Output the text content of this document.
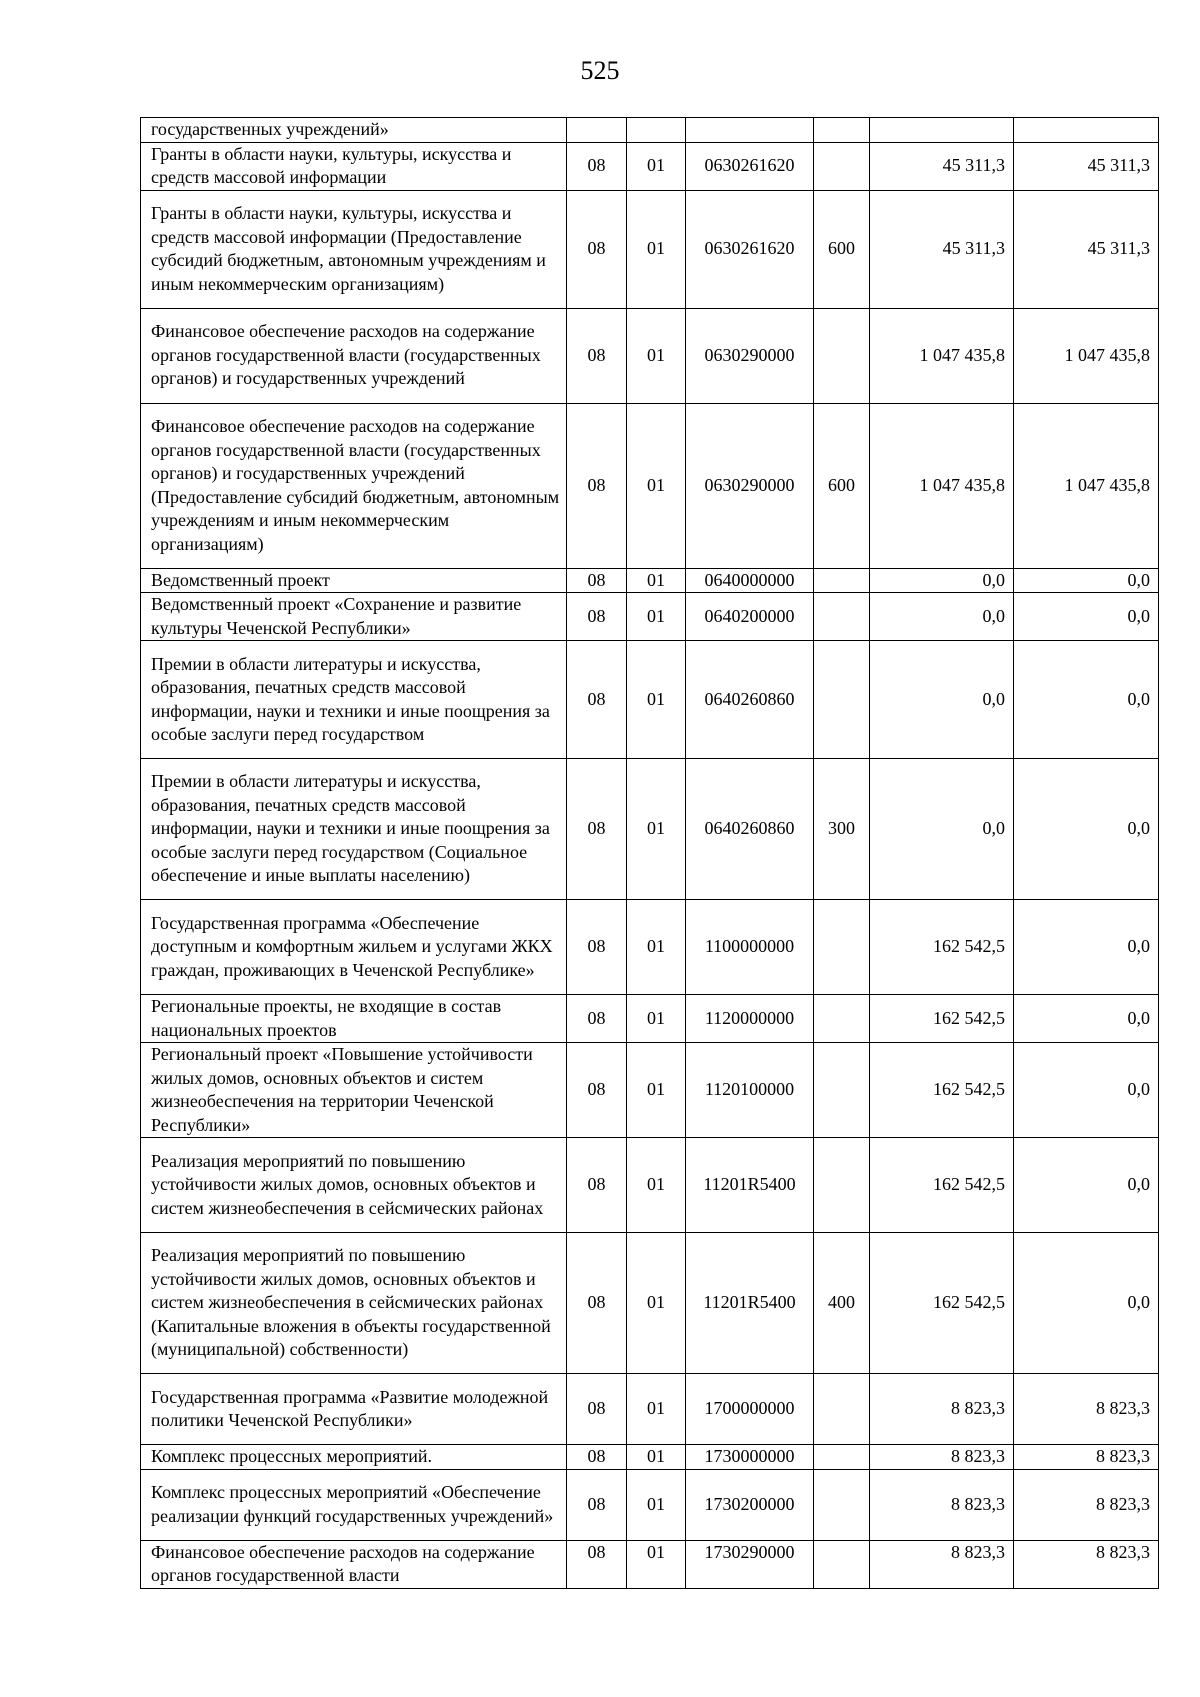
525
государственных учреждений»						
Гранты в области науки, культуры, искусства и средств массовой информации	08	01	0630261620		45 311,3	45 311,3
Гранты в области науки, культуры, искусства и средств массовой информации (Предоставление субсидий бюджетным, автономным учреждениям и иным некоммерческим организациям)	08	01	0630261620	600	45 311,3	45 311,3
Финансовое обеспечение расходов на содержание органов государственной власти (государственных органов) и государственных учреждений	08	01	0630290000		1 047 435,8	1 047 435,8
Финансовое обеспечение расходов на содержание органов государственной власти (государственных органов) и государственных учреждений (Предоставление субсидий бюджетным, автономным учреждениям и иным некоммерческим организациям)	08	01	0630290000	600	1 047 435,8	1 047 435,8
Ведомственный проект	08	01	0640000000		0,0	0,0
Ведомственный проект «Сохранение и развитие культуры Чеченской Республики»	08	01	0640200000		0,0	0,0
Премии в области литературы и искусства, образования, печатных средств массовой информации, науки и техники и иные поощрения за особые заслуги перед государством	08	01	0640260860		0,0	0,0
Премии в области литературы и искусства, образования, печатных средств массовой информации, науки и техники и иные поощрения за особые заслуги перед государством (Социальное обеспечение и иные выплаты населению)	08	01	0640260860	300	0,0	0,0
Государственная программа «Обеспечение доступным и комфортным жильем и услугами ЖКХ граждан, проживающих в Чеченской Республике»	08	01	1100000000		162 542,5	0,0
Региональные проекты, не входящие в состав национальных проектов	08	01	1120000000		162 542,5	0,0
Региональный проект «Повышение устойчивости жилых домов, основных объектов и систем жизнеобеспечения на территории Чеченской Республики»	08	01	1120100000		162 542,5	0,0
Реализация мероприятий по повышению устойчивости жилых домов, основных объектов и систем жизнеобеспечения в сейсмических районах	08	01	11201R5400		162 542,5	0,0
Реализация мероприятий по повышению устойчивости жилых домов, основных объектов и систем жизнеобеспечения в сейсмических районах (Капитальные вложения в объекты государственной (муниципальной) собственности)	08	01	11201R5400	400	162 542,5	0,0
Государственная программа «Развитие молодежной политики Чеченской Республики»	08	01	1700000000		8 823,3	8 823,3
Комплекс процессных мероприятий.	08	01	1730000000		8 823,3	8 823,3
Комплекс процессных мероприятий «Обеспечение реализации функций государственных учреждений»	08	01	1730200000		8 823,3	8 823,3
Финансовое обеспечение расходов на содержание органов государственной власти	08	01	1730290000		8 823,3	8 823,3
